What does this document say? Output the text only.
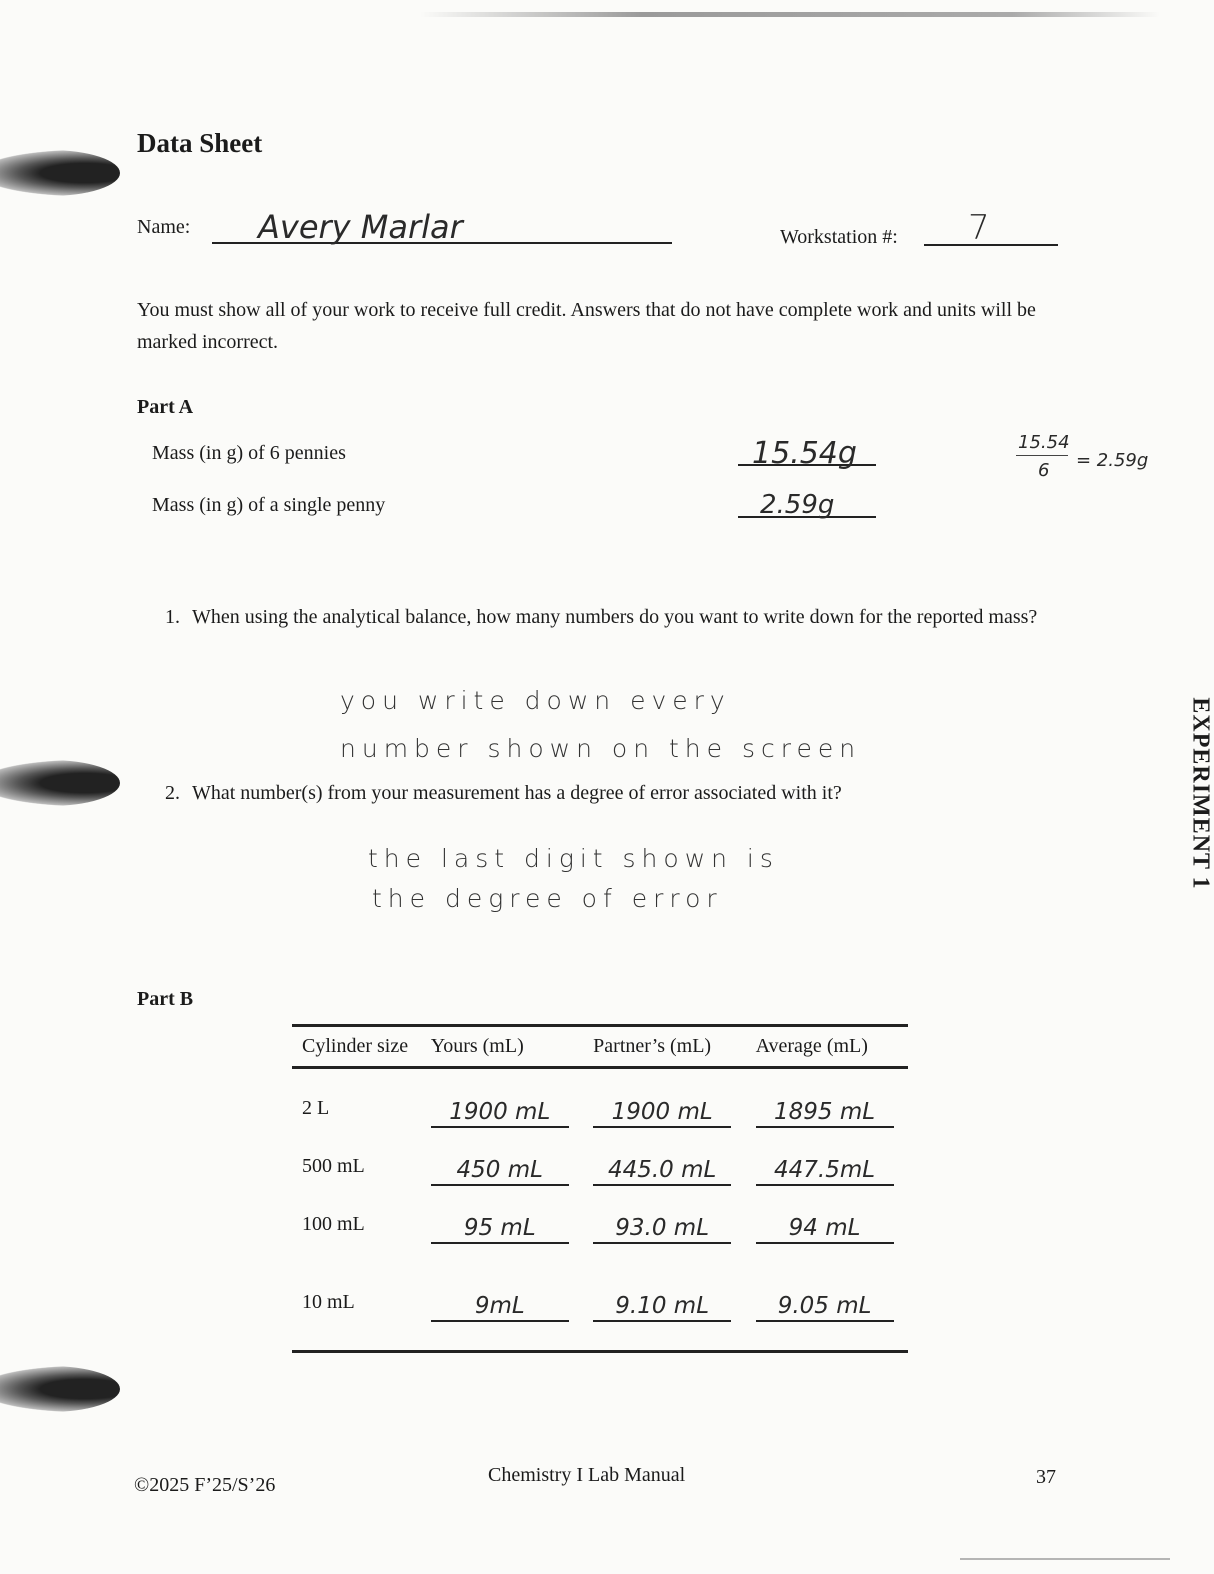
Data Sheet
Name: Avery Marlar	Workstation #: 7
You must show all of your work to receive full credit. Answers that do not have complete work and units will be marked incorrect.
Part A
Mass (in g) of 6 pennies	15.54g
Mass (in g) of a single penny	2.59g
15.54
6 = 2.59g
1. When using the analytical balance, how many numbers do you want to write down for the reported mass?
you write down every
number shown on the screen
2. What number(s) from your measurement has a degree of error associated with it?
the last digit shown is
the degree of error
EXPERIMENT 1
Part B
Cylinder size	Yours (mL)	Partner’s (mL)	Average (mL)
2 L	1900 mL	1900 mL	1895 mL
500 mL	450 mL	445.0 mL	447.5mL
100 mL	95 mL	93.0 mL	94 mL
10 mL	9mL	9.10 mL	9.05 mL

©2025 F’25/S’26	Chemistry I Lab Manual	37
